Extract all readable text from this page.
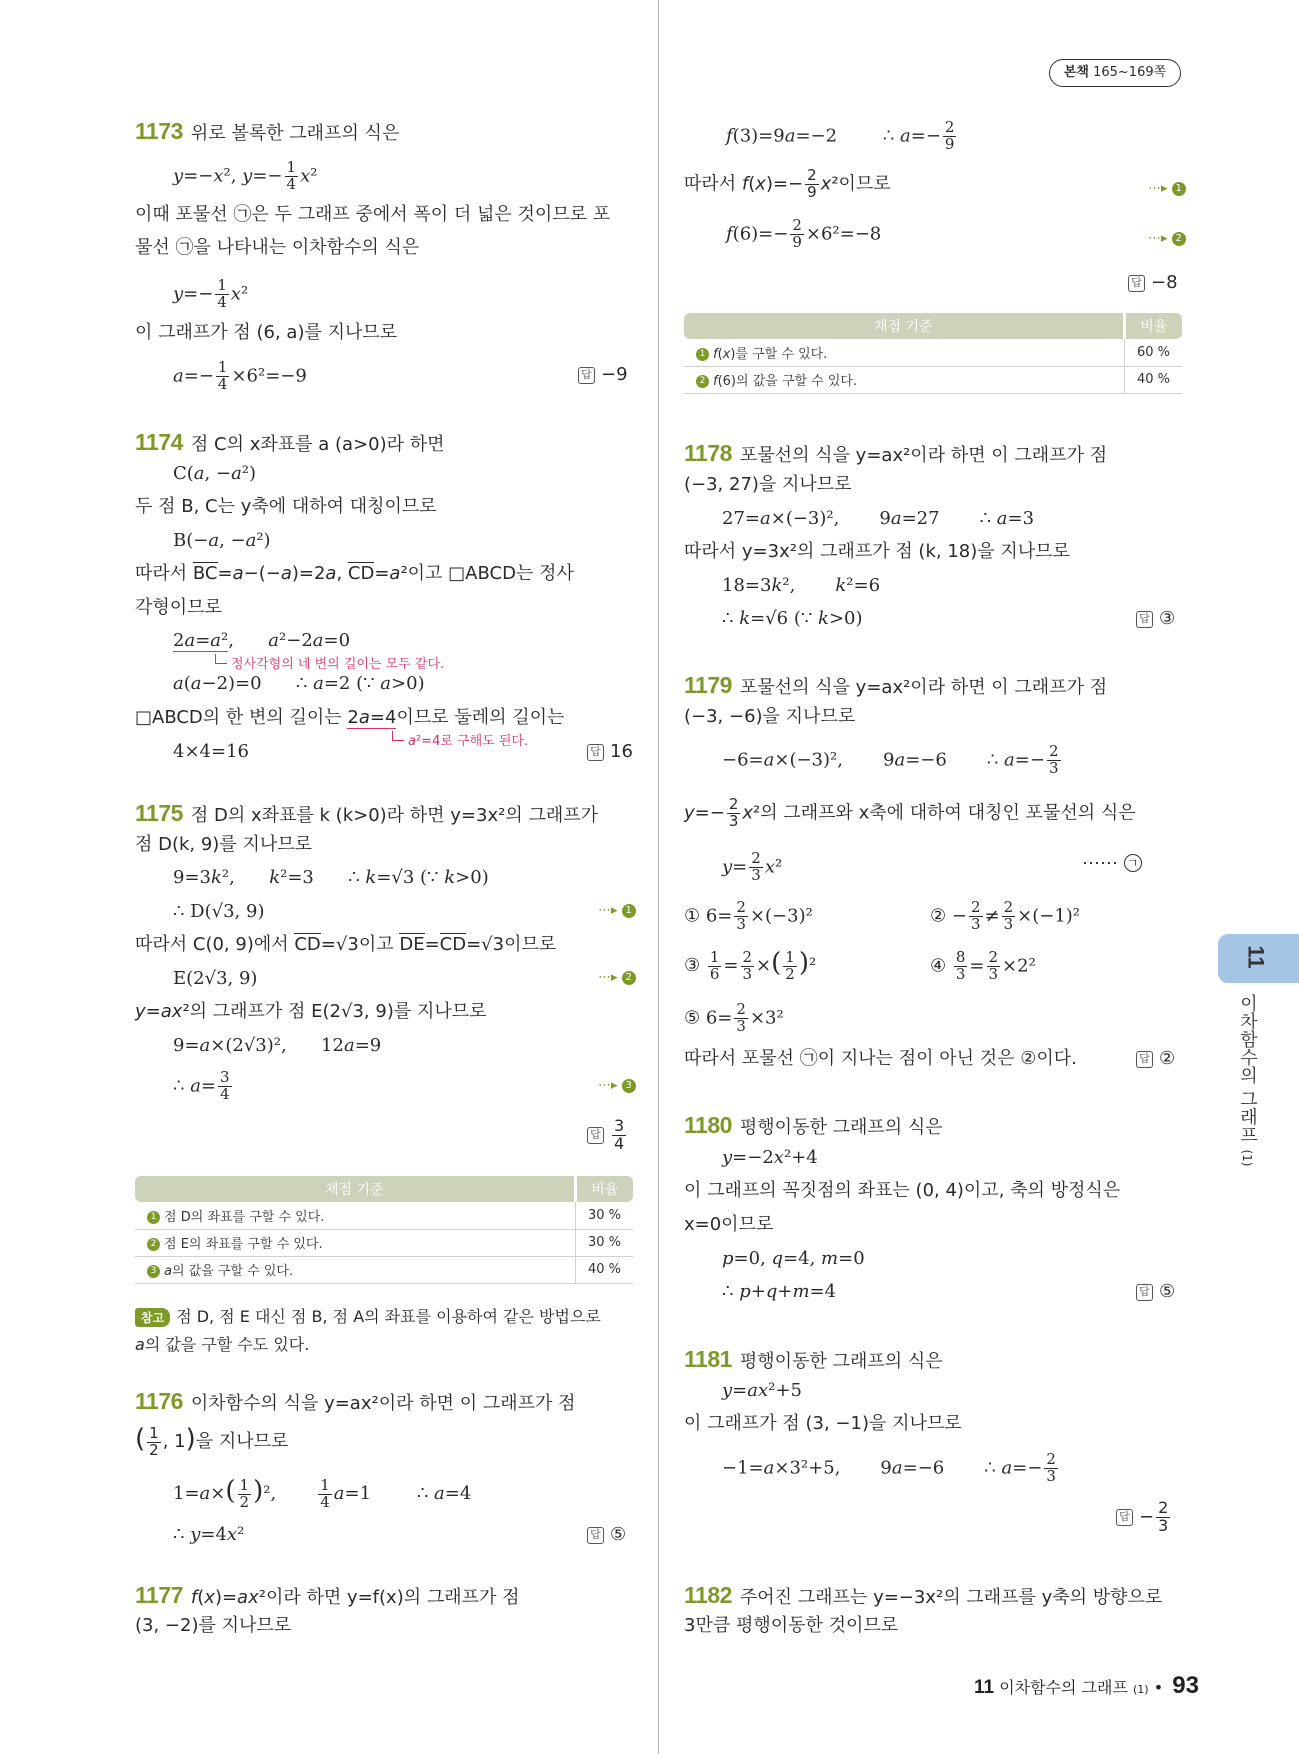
본책 165~169쪽
1173 위로 볼록한 그래프의 식은
y=−x², $y=- \frac{1}{4} x^2$
이때 포물선 ㉠은 두 그래프 중에서 폭이 더 넓은 것이므로 포
물선 ㉠을 나타내는 이차함수의 식은
$y=- \frac{1}{4} x^2$
이 그래프가 점 (6, a)를 지나므로
$a=- \frac{1}{4} \times 6^2=-9$	답 −9
1174 점 C의 x좌표를 a (a>0)라 하면
C(a, −a²)
두 점 B, C는 y축에 대하여 대칭이므로
B(−a, −a²)
따라서 BC=a−(−a)=2a, CD=a²이고 □ABCD는 정사
각형이므로
2a=a²,      a²−2a=0
정사각형의 네 변의 길이는 모두 같다.
a(a−2)=0      ∴ a=2 (∵ a>0)
□ABCD의 한 변의 길이는 2a=4이므로 둘레의 길이는
a²=4로 구해도 된다.
4×4=16	답 16
1175 점 D의 x좌표를 k (k>0)라 하면 y=3x²의 그래프가
점 D(k, 9)를 지나므로
9=3k²,      k²=3      ∴ k=√3 (∵ k>0)
∴ D(√3, 9)	⋯▸ 1
따라서 C(0, 9)에서 CD=√3이고 DE=CD=√3이므로
E(2√3, 9)	⋯▸ 2
y=ax²의 그래프가 점 E(2√3, 9)를 지나므로
9=a×(2√3)²,      12a=9
∴ $a= \frac{3}{4}$	⋯▸ 3
답 $\frac{3}{4}$
채점 기준	비율
1 점 D의 좌표를 구할 수 있다.	30 %
2 점 E의 좌표를 구할 수 있다.	30 %
3 a의 값을 구할 수 있다.	40 %
참고 점 D, 점 E 대신 점 B, 점 A의 좌표를 이용하여 같은 방법으로
a의 값을 구할 수도 있다.
1176 이차함수의 식을 y=ax²이라 하면 이 그래프가 점
( $\frac{1}{2}$ , 1)을 지나므로
$1=a\times( \frac{1}{2} )^2$, $\frac{1}{4} a=1$        ∴ a=4
∴ y=4x²	답 ⑤
1177 f(x)=ax²이라 하면 y=f(x)의 그래프가 점
(3, −2)를 지나므로
f(3)=9a=−2        ∴ $a=- \frac{2}{9}$
따라서 $f(x)=- \frac{2}{9} x^2$이므로	⋯▸ 1
$f(6)=- \frac{2}{9} \times 6^2=-8$	⋯▸ 2
답 −8
채점 기준	비율
1 f(x)를 구할 수 있다.	60 %
2 f(6)의 값을 구할 수 있다.	40 %
1178 포물선의 식을 y=ax²이라 하면 이 그래프가 점
(−3, 27)을 지나므로
27=a×(−3)²,       9a=27       ∴ a=3
따라서 y=3x²의 그래프가 점 (k, 18)을 지나므로
18=3k²,       k²=6
∴ k=√6 (∵ k>0)	답 ③
1179 포물선의 식을 y=ax²이라 하면 이 그래프가 점
(−3, −6)을 지나므로
−6=a×(−3)²,       9a=−6       ∴ $a=- \frac{2}{3}$
$y=- \frac{2}{3} x^2$의 그래프와 x축에 대하여 대칭인 포물선의 식은
$y= \frac{2}{3} x^2$	⋯⋯ ㄱ
① $6= \frac{2}{3} \times(-3)^2$	② − $\frac{2}{3} \ne \frac{2}{3} \times(-1)^2$
③ $\frac{1}{6} = \frac{2}{3}$ ×( $\frac{1}{2} )^2$	④ $\frac{8}{3} = \frac{2}{3} \times 2^2$
⑤ $6= \frac{2}{3} \times 3^2$
따라서 포물선 ㉠이 지나는 점이 아닌 것은 ②이다.	답 ②
1180 평행이동한 그래프의 식은
y=−2x²+4
이 그래프의 꼭짓점의 좌표는 (0, 4)이고, 축의 방정식은
x=0이므로
p=0, q=4, m=0
∴ p+q+m=4	답 ⑤
1181 평행이동한 그래프의 식은
y=ax²+5
이 그래프가 점 (3, −1)을 지나므로
−1=a×3²+5,       9a=−6       ∴ $a=- \frac{2}{3}$
답 − $\frac{2}{3}$
1182 주어진 그래프는 y=−3x²의 그래프를 y축의 방향으로
3만큼 평행이동한 것이므로
11
이차함수의 그래프 (1)
11 이차함수의 그래프 (1) • 93
